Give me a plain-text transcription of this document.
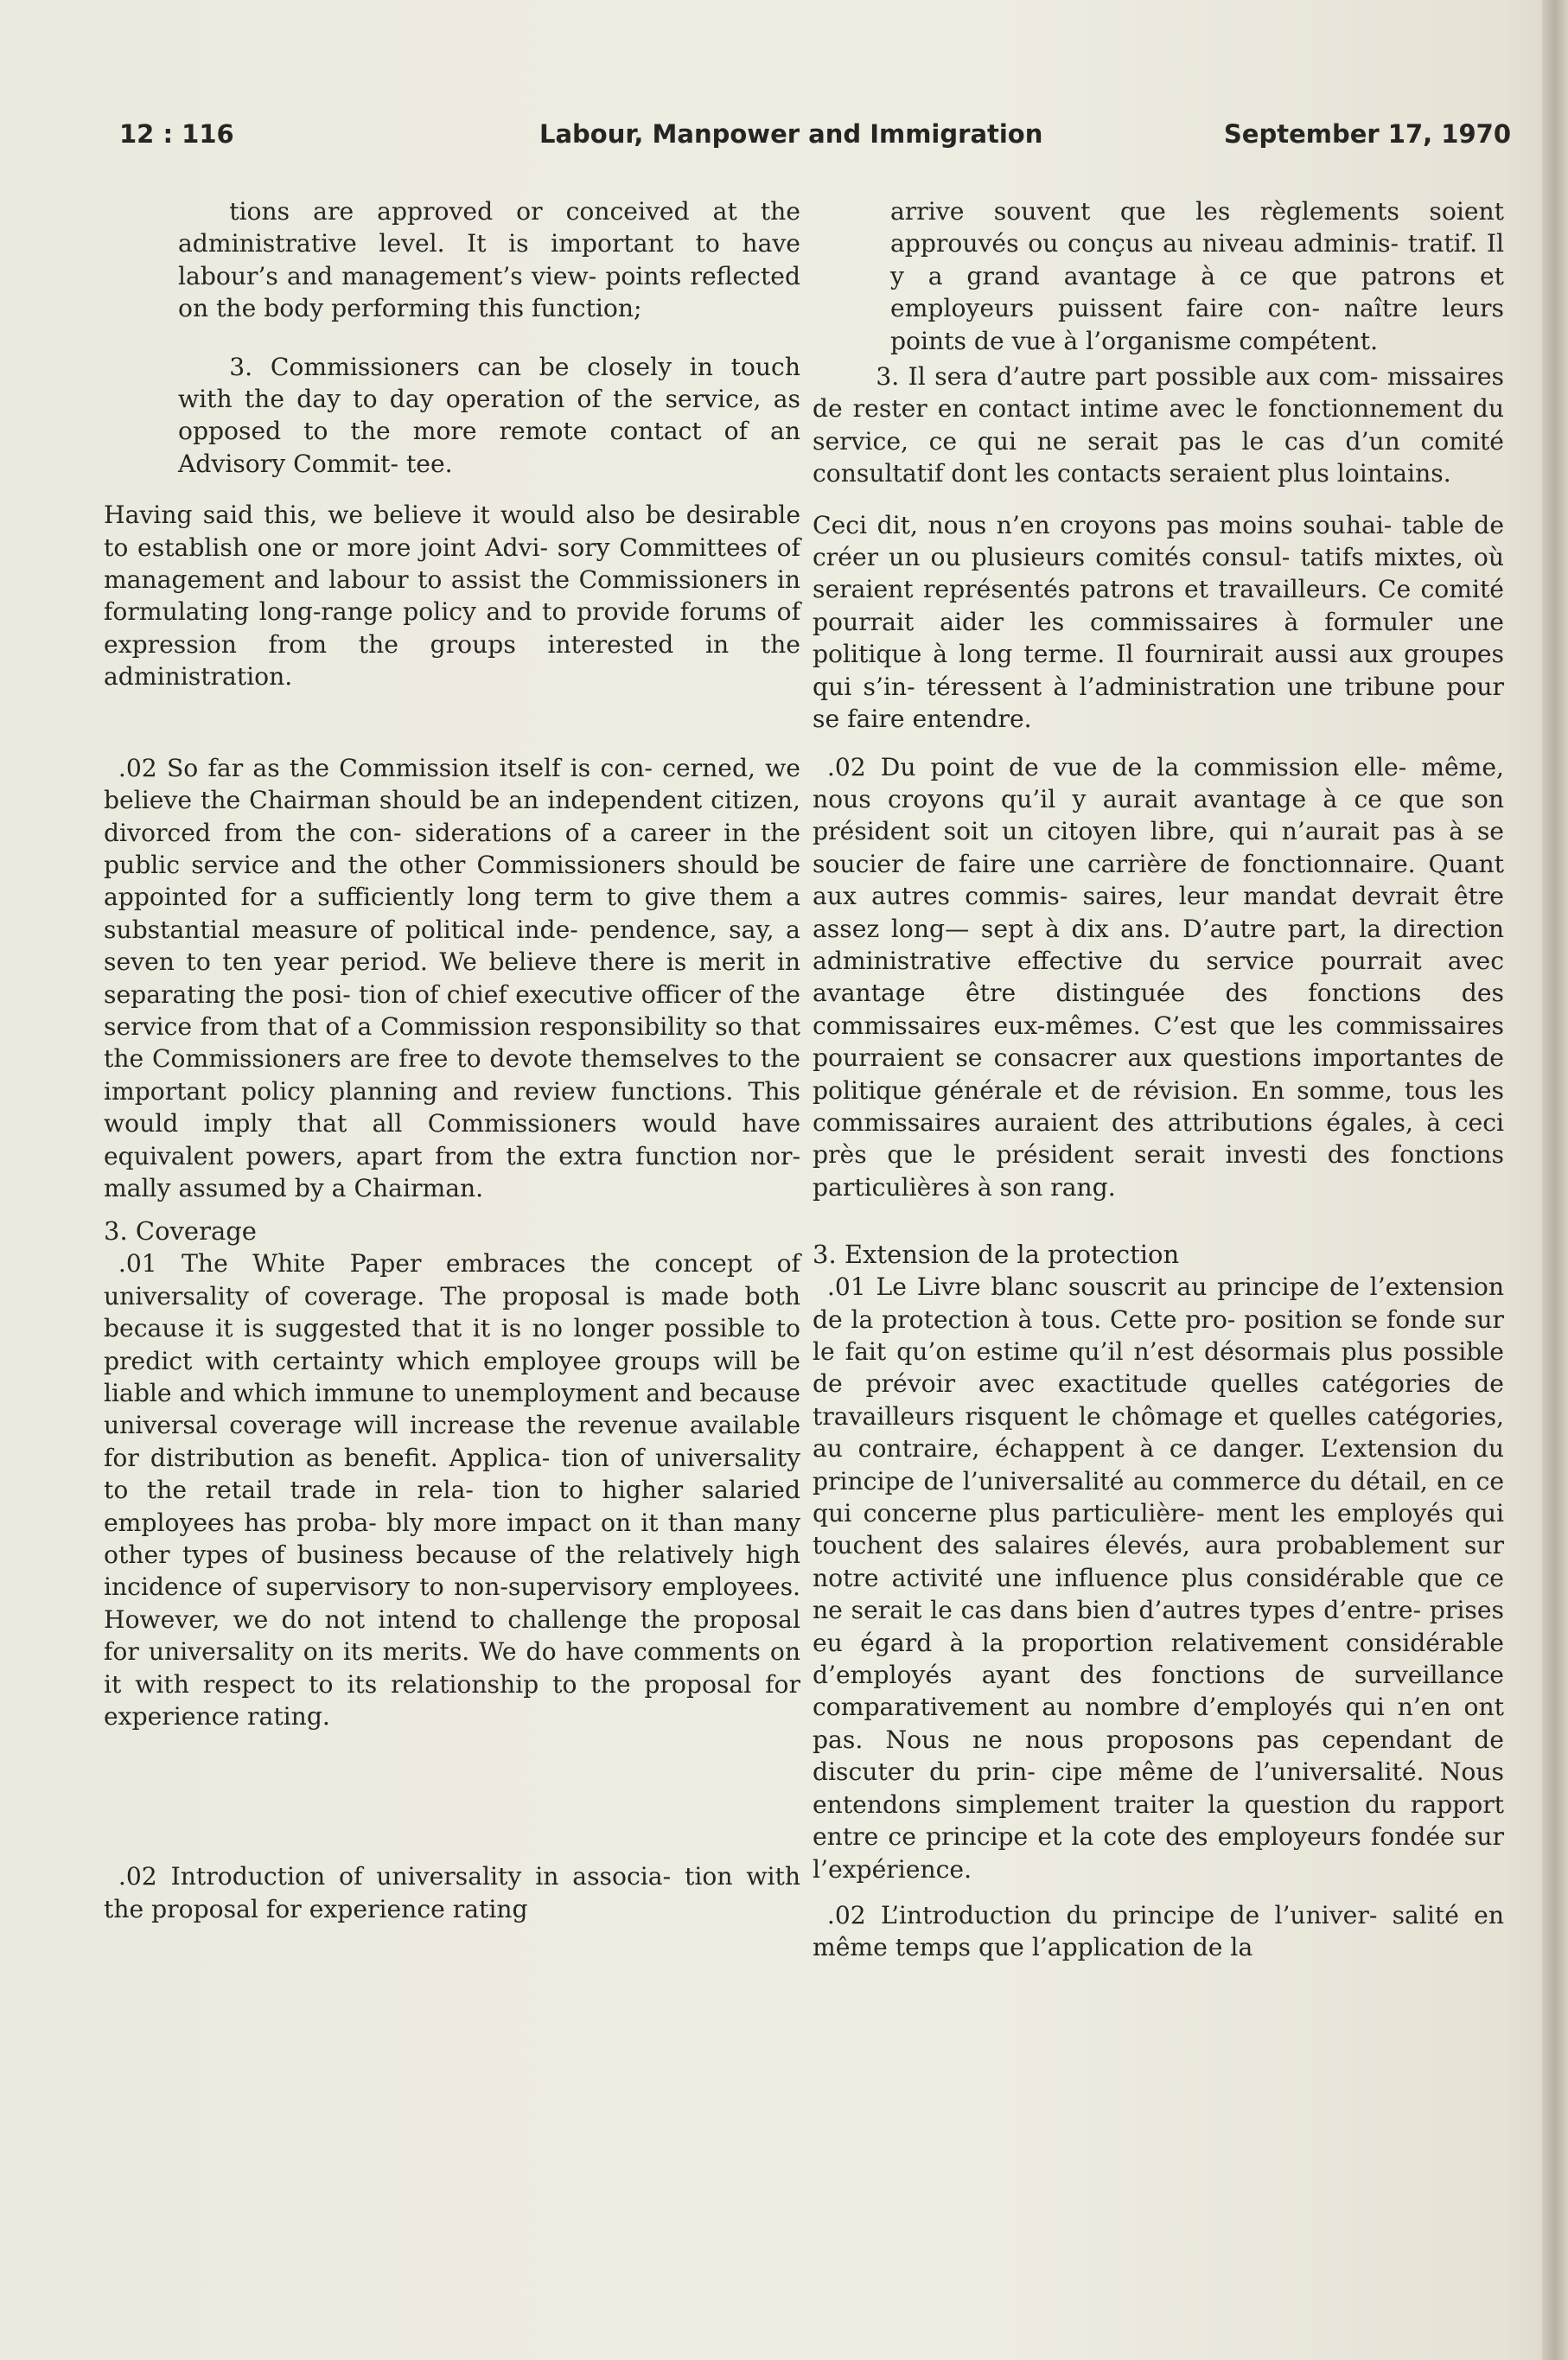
12 : 116	Labour, Manpower and Immigration	September 17, 1970

tions are approved or conceived at the administrative level. It is important to have labour’s and management’s view- points reflected on the body performing this function;

3. Commissioners can be closely in touch with the day to day operation of the service, as opposed to the more remote contact of an Advisory Commit- tee.

Having said this, we believe it would also be desirable to establish one or more joint Advi- sory Committees of management and labour to assist the Commissioners in formulating long-range policy and to provide forums of expression from the groups interested in the administration.

.02 So far as the Commission itself is con- cerned, we believe the Chairman should be an independent citizen, divorced from the con- siderations of a career in the public service and the other Commissioners should be appointed for a sufficiently long term to give them a substantial measure of political inde- pendence, say, a seven to ten year period. We believe there is merit in separating the posi- tion of chief executive officer of the service from that of a Commission responsibility so that the Commissioners are free to devote themselves to the important policy planning and review functions. This would imply that all Commissioners would have equivalent powers, apart from the extra function nor- mally assumed by a Chairman.

3. Coverage

.01 The White Paper embraces the concept of universality of coverage. The proposal is made both because it is suggested that it is no longer possible to predict with certainty which employee groups will be liable and which immune to unemployment and because universal coverage will increase the revenue available for distribution as benefit. Applica- tion of universality to the retail trade in rela- tion to higher salaried employees has proba- bly more impact on it than many other types of business because of the relatively high incidence of supervisory to non-supervisory employees. However, we do not intend to challenge the proposal for universality on its merits. We do have comments on it with respect to its relationship to the proposal for experience rating.

.02 Introduction of universality in associa- tion with the proposal for experience rating

arrive souvent que les règlements soient approuvés ou conçus au niveau adminis- tratif. Il y a grand avantage à ce que patrons et employeurs puissent faire con- naître leurs points de vue à l’organisme compétent.

3. Il sera d’autre part possible aux com- missaires de rester en contact intime avec le fonctionnement du service, ce qui ne serait pas le cas d’un comité consultatif dont les contacts seraient plus lointains.

Ceci dit, nous n’en croyons pas moins souhai- table de créer un ou plusieurs comités consul- tatifs mixtes, où seraient représentés patrons et travailleurs. Ce comité pourrait aider les commissaires à formuler une politique à long terme. Il fournirait aussi aux groupes qui s’in- téressent à l’administration une tribune pour se faire entendre.

.02 Du point de vue de la commission elle- même, nous croyons qu’il y aurait avantage à ce que son président soit un citoyen libre, qui n’aurait pas à se soucier de faire une carrière de fonctionnaire. Quant aux autres commis- saires, leur mandat devrait être assez long— sept à dix ans. D’autre part, la direction administrative effective du service pourrait avec avantage être distinguée des fonctions des commissaires eux-mêmes. C’est que les commissaires pourraient se consacrer aux questions importantes de politique générale et de révision. En somme, tous les commissaires auraient des attributions égales, à ceci près que le président serait investi des fonctions particulières à son rang.

3. Extension de la protection

.01 Le Livre blanc souscrit au principe de l’extension de la protection à tous. Cette pro- position se fonde sur le fait qu’on estime qu’il n’est désormais plus possible de prévoir avec exactitude quelles catégories de travailleurs risquent le chômage et quelles catégories, au contraire, échappent à ce danger. L’extension du principe de l’universalité au commerce du détail, en ce qui concerne plus particulière- ment les employés qui touchent des salaires élevés, aura probablement sur notre activité une influence plus considérable que ce ne serait le cas dans bien d’autres types d’entre- prises eu égard à la proportion relativement considérable d’employés ayant des fonctions de surveillance comparativement au nombre d’employés qui n’en ont pas. Nous ne nous proposons pas cependant de discuter du prin- cipe même de l’universalité. Nous entendons simplement traiter la question du rapport entre ce principe et la cote des employeurs fondée sur l’expérience.

.02 L’introduction du principe de l’univer- salité en même temps que l’application de la
